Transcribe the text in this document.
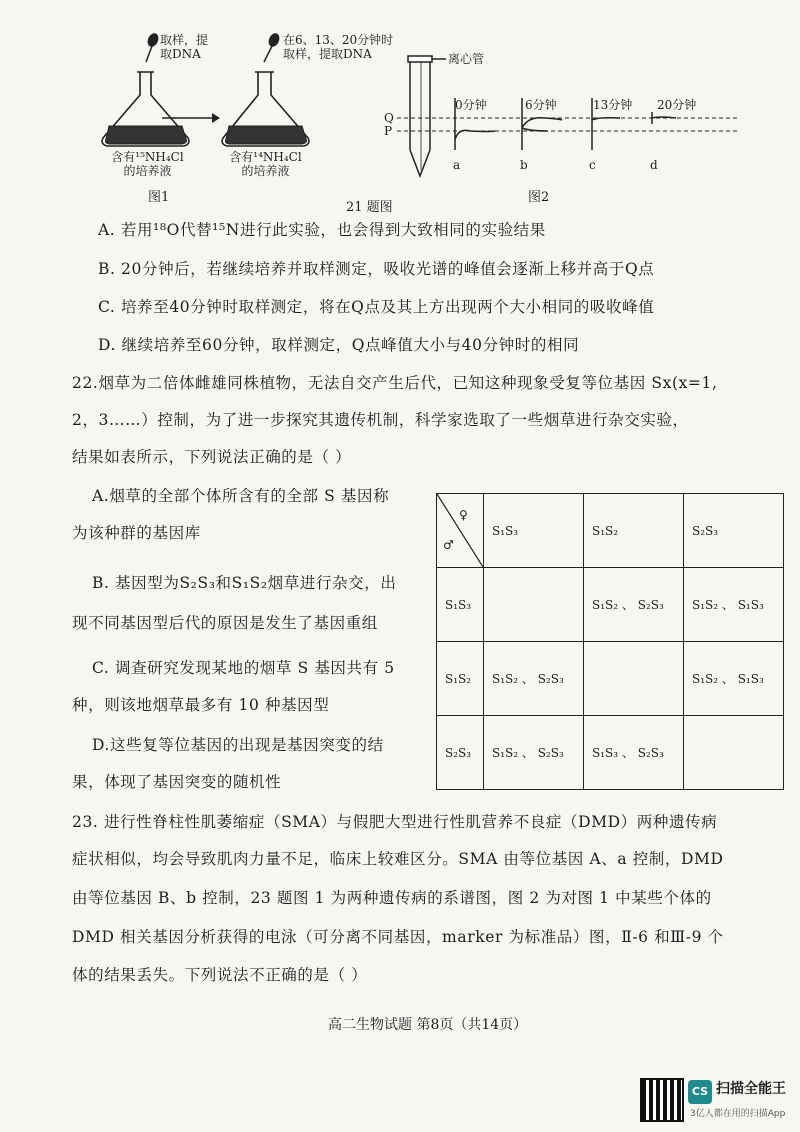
取样，提
取DNA
在6、13、20分钟时
取样，提取DNA
含有¹⁵NH₄Cl
的培养液
含有¹⁴NH₄Cl
的培养液
图1
离心管
Q
P
0分钟	6分钟	13分钟 20分钟
a	b	c	d
图2
21 题图
A. 若用¹⁸O代替¹⁵N进行此实验，也会得到大致相同的实验结果
B. 20分钟后，若继续培养并取样测定，吸收光谱的峰值会逐渐上移并高于Q点
C. 培养至40分钟时取样测定，将在Q点及其上方出现两个大小相同的吸收峰值
D. 继续培养至60分钟，取样测定，Q点峰值大小与40分钟时的相同
22.烟草为二倍体雌雄同株植物，无法自交产生后代，已知这种现象受复等位基因 Sx(x=1,
2，3……）控制，为了进一步探究其遗传机制，科学家选取了一些烟草进行杂交实验，
结果如表所示，下列说法正确的是（ ）
A.烟草的全部个体所含有的全部 S 基因称
为该种群的基因库
B. 基因型为S₂S₃和S₁S₂烟草进行杂交，出
现不同基因型后代的原因是发生了基因重组
C. 调查研究发现某地的烟草 S 基因共有 5
种，则该地烟草最多有 10 种基因型
D.这些复等位基因的出现是基因突变的结
果，体现了基因突变的随机性
♀
♂	S₁S₃	S₁S₂	S₂S₃
S₁S₃		S₁S₂ 、 S₂S₃	S₁S₂ 、 S₁S₃
S₁S₂	S₁S₂ 、 S₂S₃		S₁S₂ 、 S₁S₃
S₂S₃	S₁S₂ 、 S₂S₃	S₁S₃ 、 S₂S₃	
23. 进行性脊柱性肌萎缩症（SMA）与假肥大型进行性肌营养不良症（DMD）两种遗传病
症状相似，均会导致肌肉力量不足，临床上较难区分。SMA 由等位基因 A、a 控制，DMD
由等位基因 B、b 控制，23 题图 1 为两种遗传病的系谱图，图 2 为对图 1 中某些个体的
DMD 相关基因分析获得的电泳（可分离不同基因，marker 为标准品）图，Ⅱ-6 和Ⅲ-9 个
体的结果丢失。下列说法不正确的是（ ）
高二生物试题 第8页（共14页）
CS 扫描全能王
3亿人都在用的扫描App
